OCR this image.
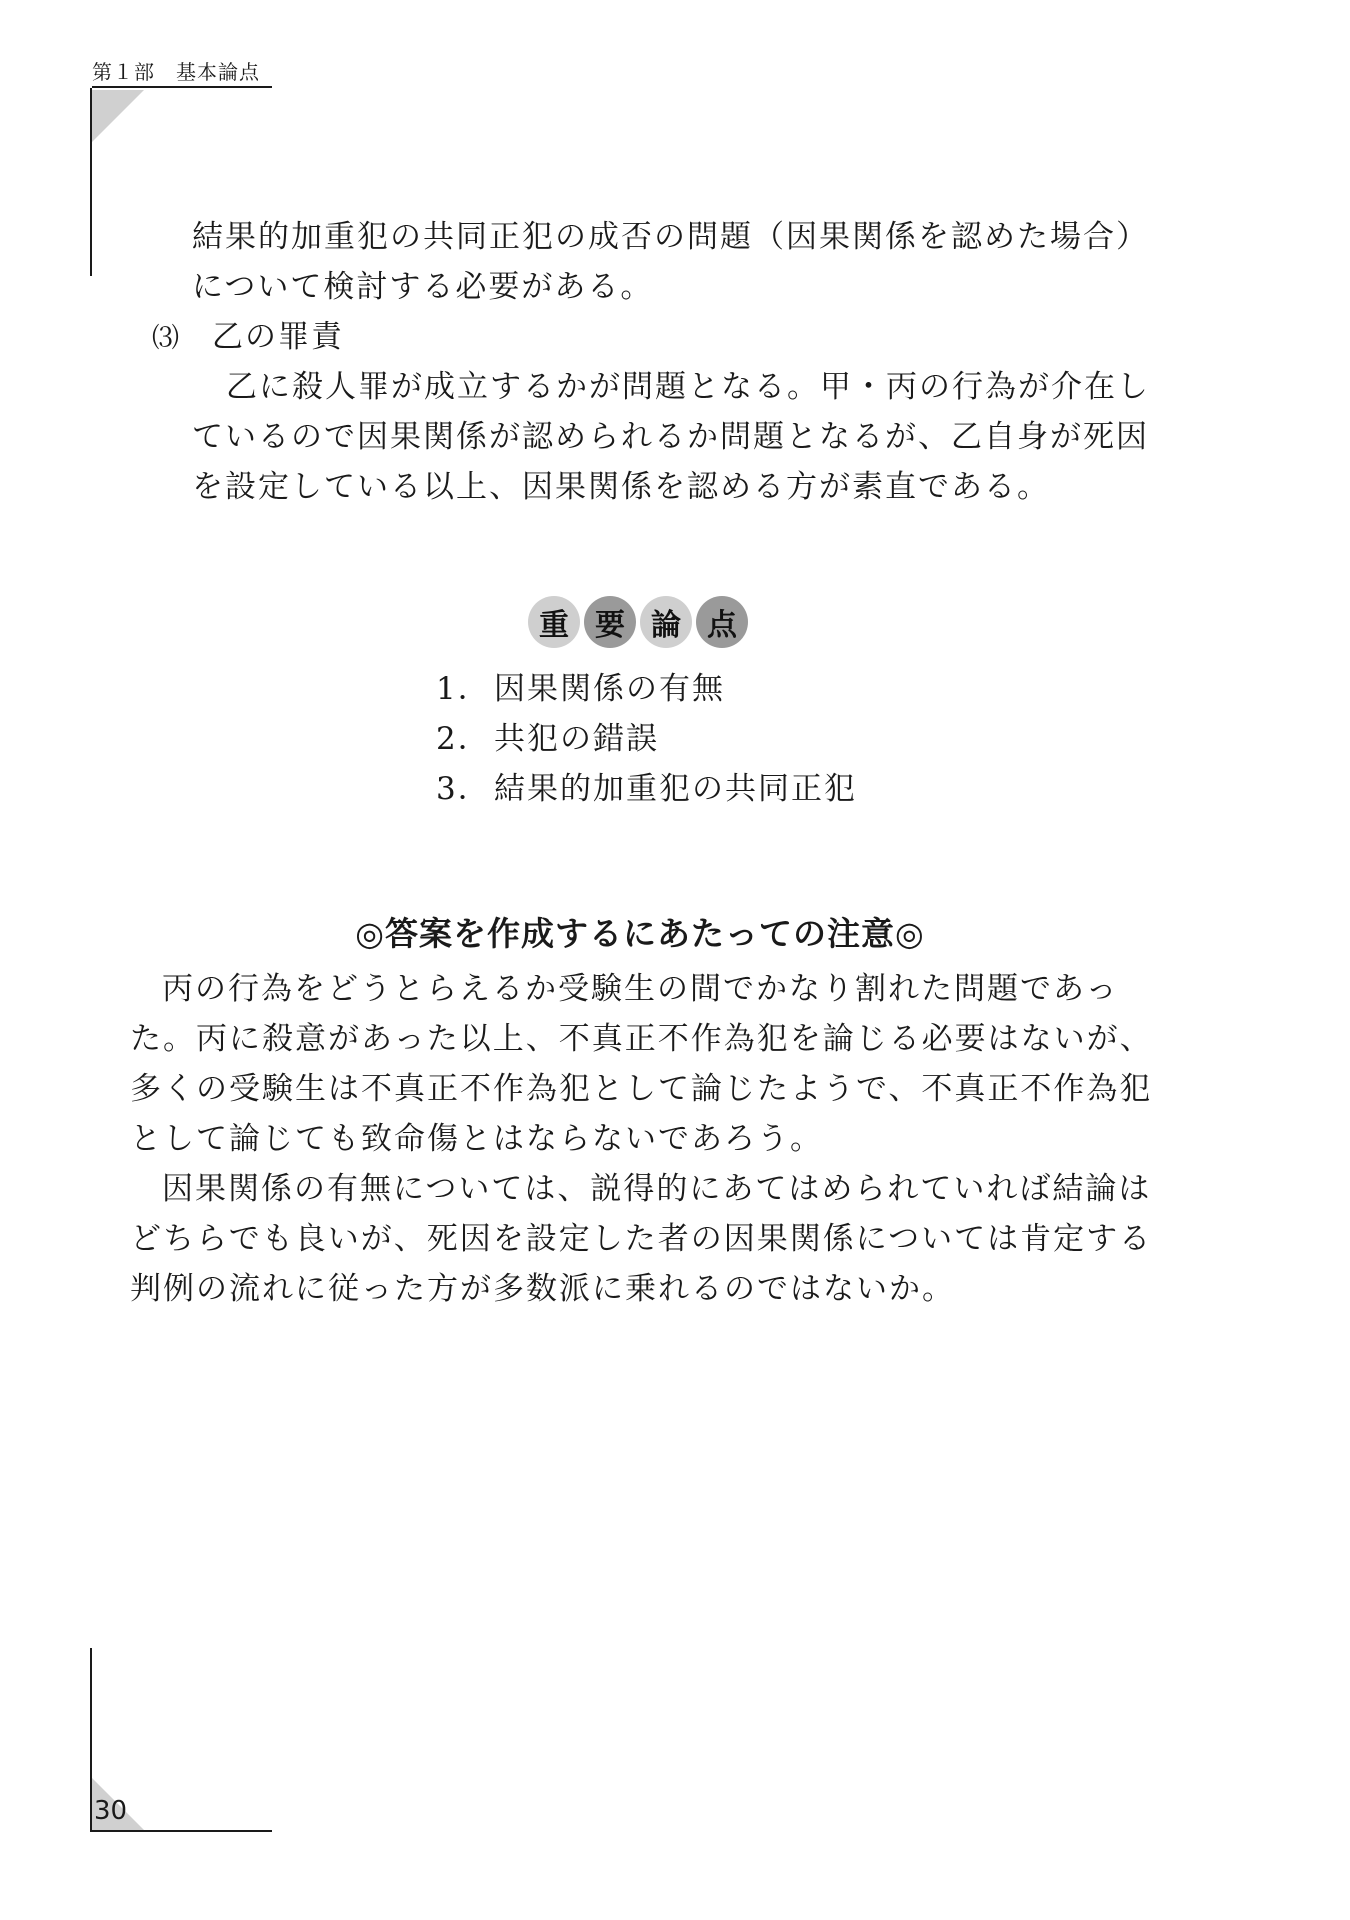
第１部　基本論点
結果的加重犯の共同正犯の成否の問題（因果関係を認めた場合）について検討する必要がある。
⑶ 乙の罪責
乙に殺人罪が成立するかが問題となる。甲・丙の行為が介在しているので因果関係が認められるか問題となるが、乙自身が死因を設定している以上、因果関係を認める方が素直である。
重 要 論 点
1． 因果関係の有無
2． 共犯の錯誤
3． 結果的加重犯の共同正犯
◎答案を作成するにあたっての注意◎
丙の行為をどうとらえるか受験生の間でかなり割れた問題であった。丙に殺意があった以上、不真正不作為犯を論じる必要はないが、多くの受験生は不真正不作為犯として論じたようで、不真正不作為犯として論じても致命傷とはならないであろう。
因果関係の有無については、説得的にあてはめられていれば結論はどちらでも良いが、死因を設定した者の因果関係については肯定する判例の流れに従った方が多数派に乗れるのではないか。
30
